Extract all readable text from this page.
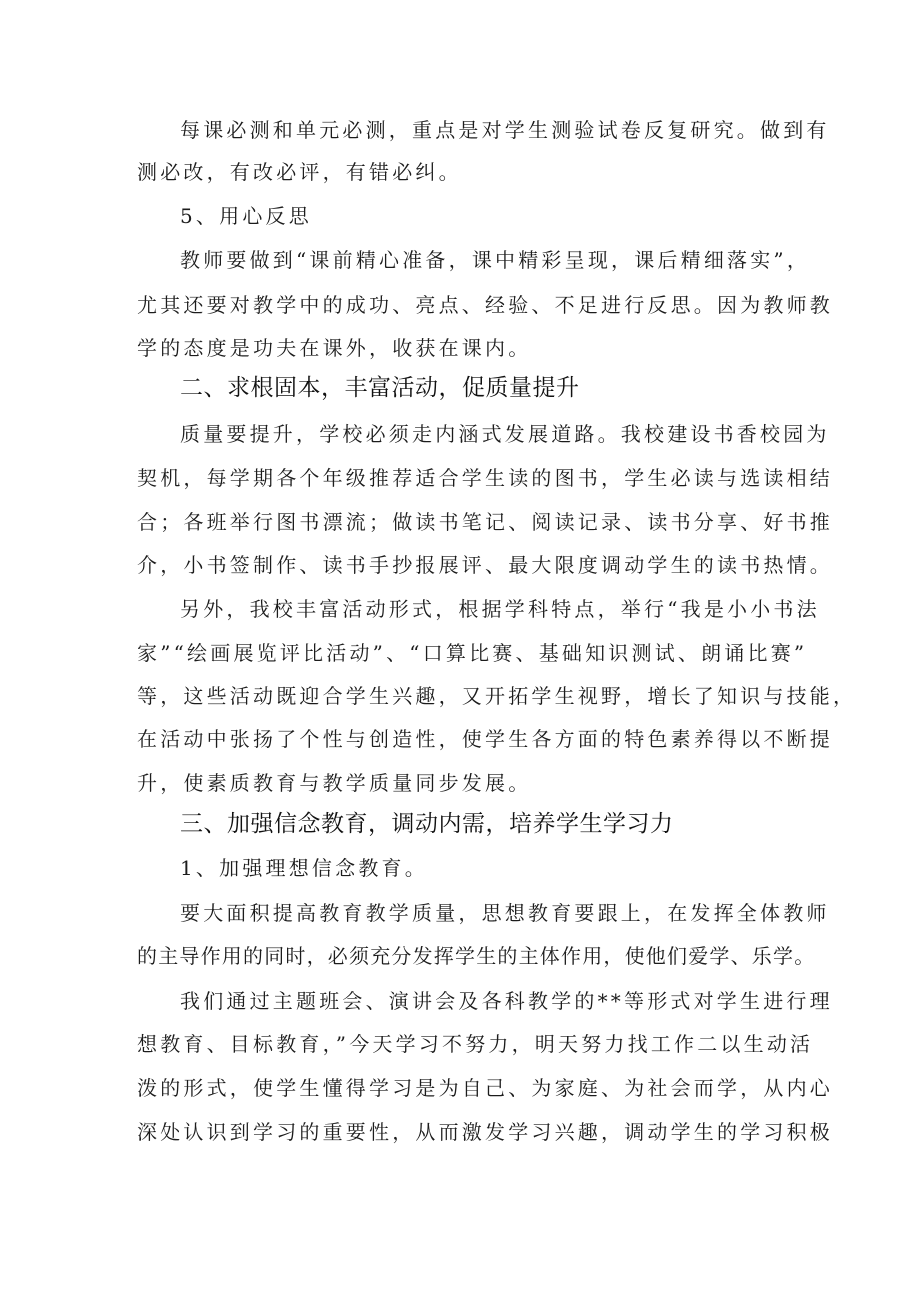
每课必测和单元必测，重点是对学生测验试卷反复研究。做到有
测必改，有改必评，有错必纠。
5、用心反思
教师要做到“课前精心准备，课中精彩呈现，课后精细落实”，
尤其还要对教学中的成功、亮点、经验、不足进行反思。因为教师教
学的态度是功夫在课外，收获在课内。
二、求根固本，丰富活动，促质量提升
质量要提升，学校必须走内涵式发展道路。我校建设书香校园为
契机，每学期各个年级推荐适合学生读的图书，学生必读与选读相结
合；各班举行图书漂流；做读书笔记、阅读记录、读书分享、好书推
介，小书签制作、读书手抄报展评、最大限度调动学生的读书热情。
另外，我校丰富活动形式，根据学科特点，举行“我是小小书法
家”“绘画展览评比活动”、“口算比赛、基础知识测试、朗诵比赛”
等，这些活动既迎合学生兴趣，又开拓学生视野，增长了知识与技能，
在活动中张扬了个性与创造性，使学生各方面的特色素养得以不断提
升，使素质教育与教学质量同步发展。
三、加强信念教育，调动内需，培养学生学习力
1、加强理想信念教育。
要大面积提高教育教学质量，思想教育要跟上，在发挥全体教师
的主导作用的同时，必须充分发挥学生的主体作用，使他们爱学、乐学。
我们通过主题班会、演讲会及各科教学的**等形式对学生进行理
想教育、目标教育，”今天学习不努力，明天努力找工作二以生动活
泼的形式，使学生懂得学习是为自己、为家庭、为社会而学，从内心
深处认识到学习的重要性，从而激发学习兴趣，调动学生的学习积极
